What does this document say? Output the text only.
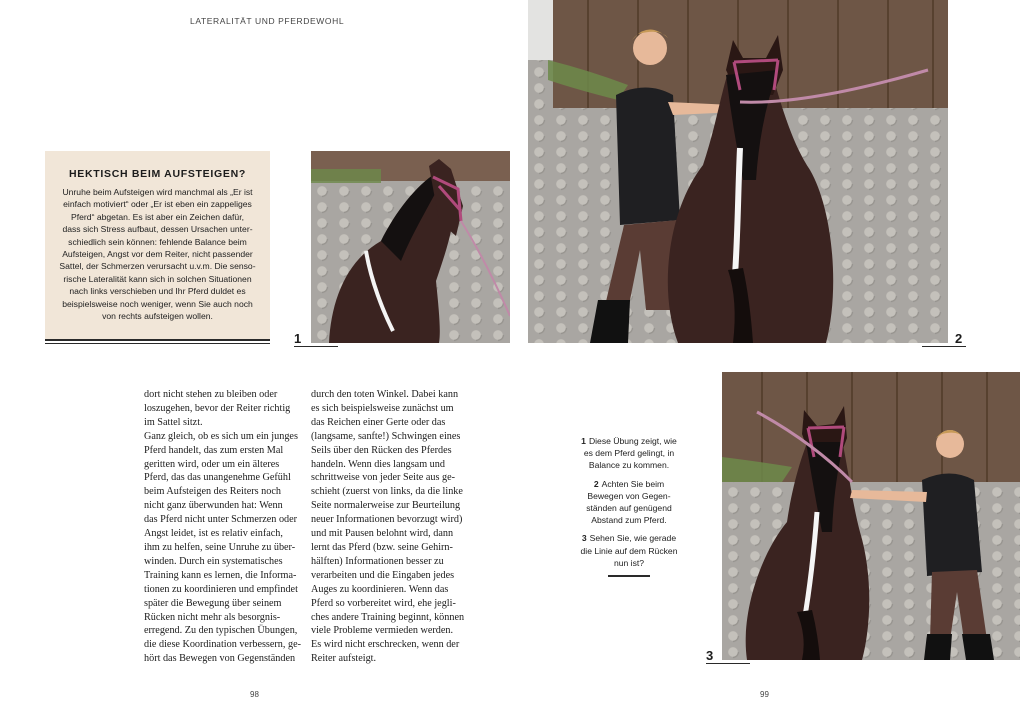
LATERALITÄT UND PFERDEWOHL
HEKTISCH BEIM AUFSTEIGEN?
Unruhe beim Aufsteigen wird manchmal als „Er ist
einfach motiviert“ oder „Er ist eben ein zappeliges
Pferd“ abgetan. Es ist aber ein Zeichen dafür,
dass sich Stress aufbaut, dessen Ursachen unter-
schiedlich sein können: fehlende Balance beim
Aufsteigen, Angst vor dem Reiter, nicht passender
Sattel, der Schmerzen verursacht u.v.m. Die senso-
rische Lateralität kann sich in solchen Situationen
nach links verschieben und Ihr Pferd duldet es
beispielsweise noch weniger, wenn Sie auch noch
von rechts aufsteigen wollen.
1	2
dort nicht stehen zu bleiben oder
loszugehen, bevor der Reiter richtig
im Sattel sitzt.
Ganz gleich, ob es sich um ein junges
Pferd handelt, das zum ersten Mal
geritten wird, oder um ein älteres
Pferd, das das unangenehme Gefühl
beim Aufsteigen des Reiters noch
nicht ganz überwunden hat: Wenn
das Pferd nicht unter Schmerzen oder
Angst leidet, ist es relativ einfach,
ihm zu helfen, seine Unruhe zu über-
winden. Durch ein systematisches
Training kann es lernen, die Informa-
tionen zu koordinieren und empfindet
später die Bewegung über seinem
Rücken nicht mehr als besorgnis-
erregend. Zu den typischen Übungen,
die diese Koordination verbessern, ge-
hört das Bewegen von Gegenständen
durch den toten Winkel. Dabei kann
es sich beispielsweise zunächst um
das Reichen einer Gerte oder das
(langsame, sanfte!) Schwingen eines
Seils über den Rücken des Pferdes
handeln. Wenn dies langsam und
schrittweise von jeder Seite aus ge-
schieht (zuerst von links, da die linke
Seite normalerweise zur Beurteilung
neuer Informationen bevorzugt wird)
und mit Pausen belohnt wird, dann
lernt das Pferd (bzw. seine Gehirn-
hälften) Informationen besser zu
verarbeiten und die Eingaben jedes
Auges zu koordinieren. Wenn das
Pferd so vorbereitet wird, ehe jegli-
ches andere Training beginnt, können
viele Probleme vermieden werden.
Es wird nicht erschrecken, wenn der
Reiter aufsteigt.
1 Diese Übung zeigt, wie es dem Pferd gelingt, in Balance zu kommen.
2 Achten Sie beim Bewegen von Gegenständen auf genügend Abstand zum Pferd.
3 Sehen Sie, wie gerade die Linie auf dem Rücken nun ist?
3
98	99
